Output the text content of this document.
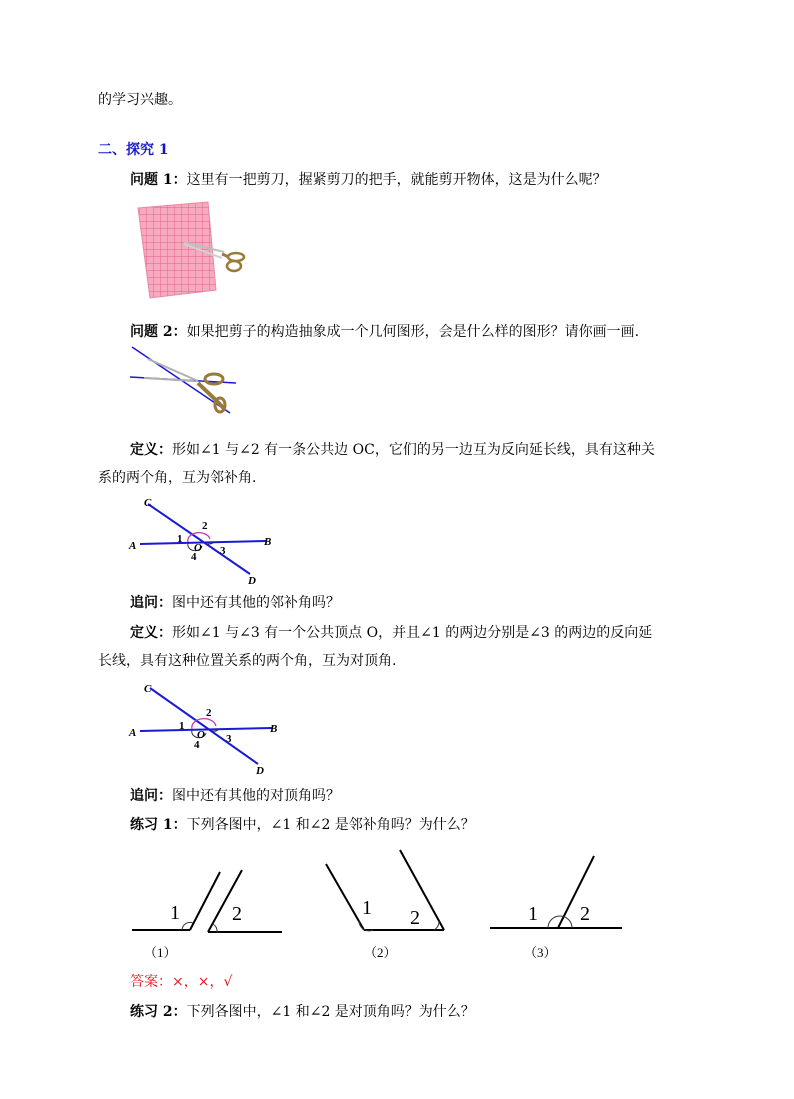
的学习兴趣。
二、探究 1
问题 1：这里有一把剪刀，握紧剪刀的把手，就能剪开物体，这是为什么呢？
问题 2：如果把剪子的构造抽象成一个几何图形，会是什么样的图形？请你画一画.
定义：形如∠1 与∠2 有一条公共边 OC，它们的另一边互为反向延长线，具有这种关
系的两个角，互为邻补角.
C
A	B
D
O
1
2
3
4
追问：图中还有其他的邻补角吗？
定义：形如∠1 与∠3 有一个公共顶点 O，并且∠1 的两边分别是∠3 的两边的反向延
长线，具有这种位置关系的两个角，互为对顶角.
C
A	B
D
O
1
2
3
4
追问：图中还有其他的对顶角吗？
练习 1：下列各图中，∠1 和∠2 是邻补角吗？为什么？
1	2
（1）
1 2
（2）
1 2
（3）
答案：×，×，√
练习 2：下列各图中，∠1 和∠2 是对顶角吗？为什么？
